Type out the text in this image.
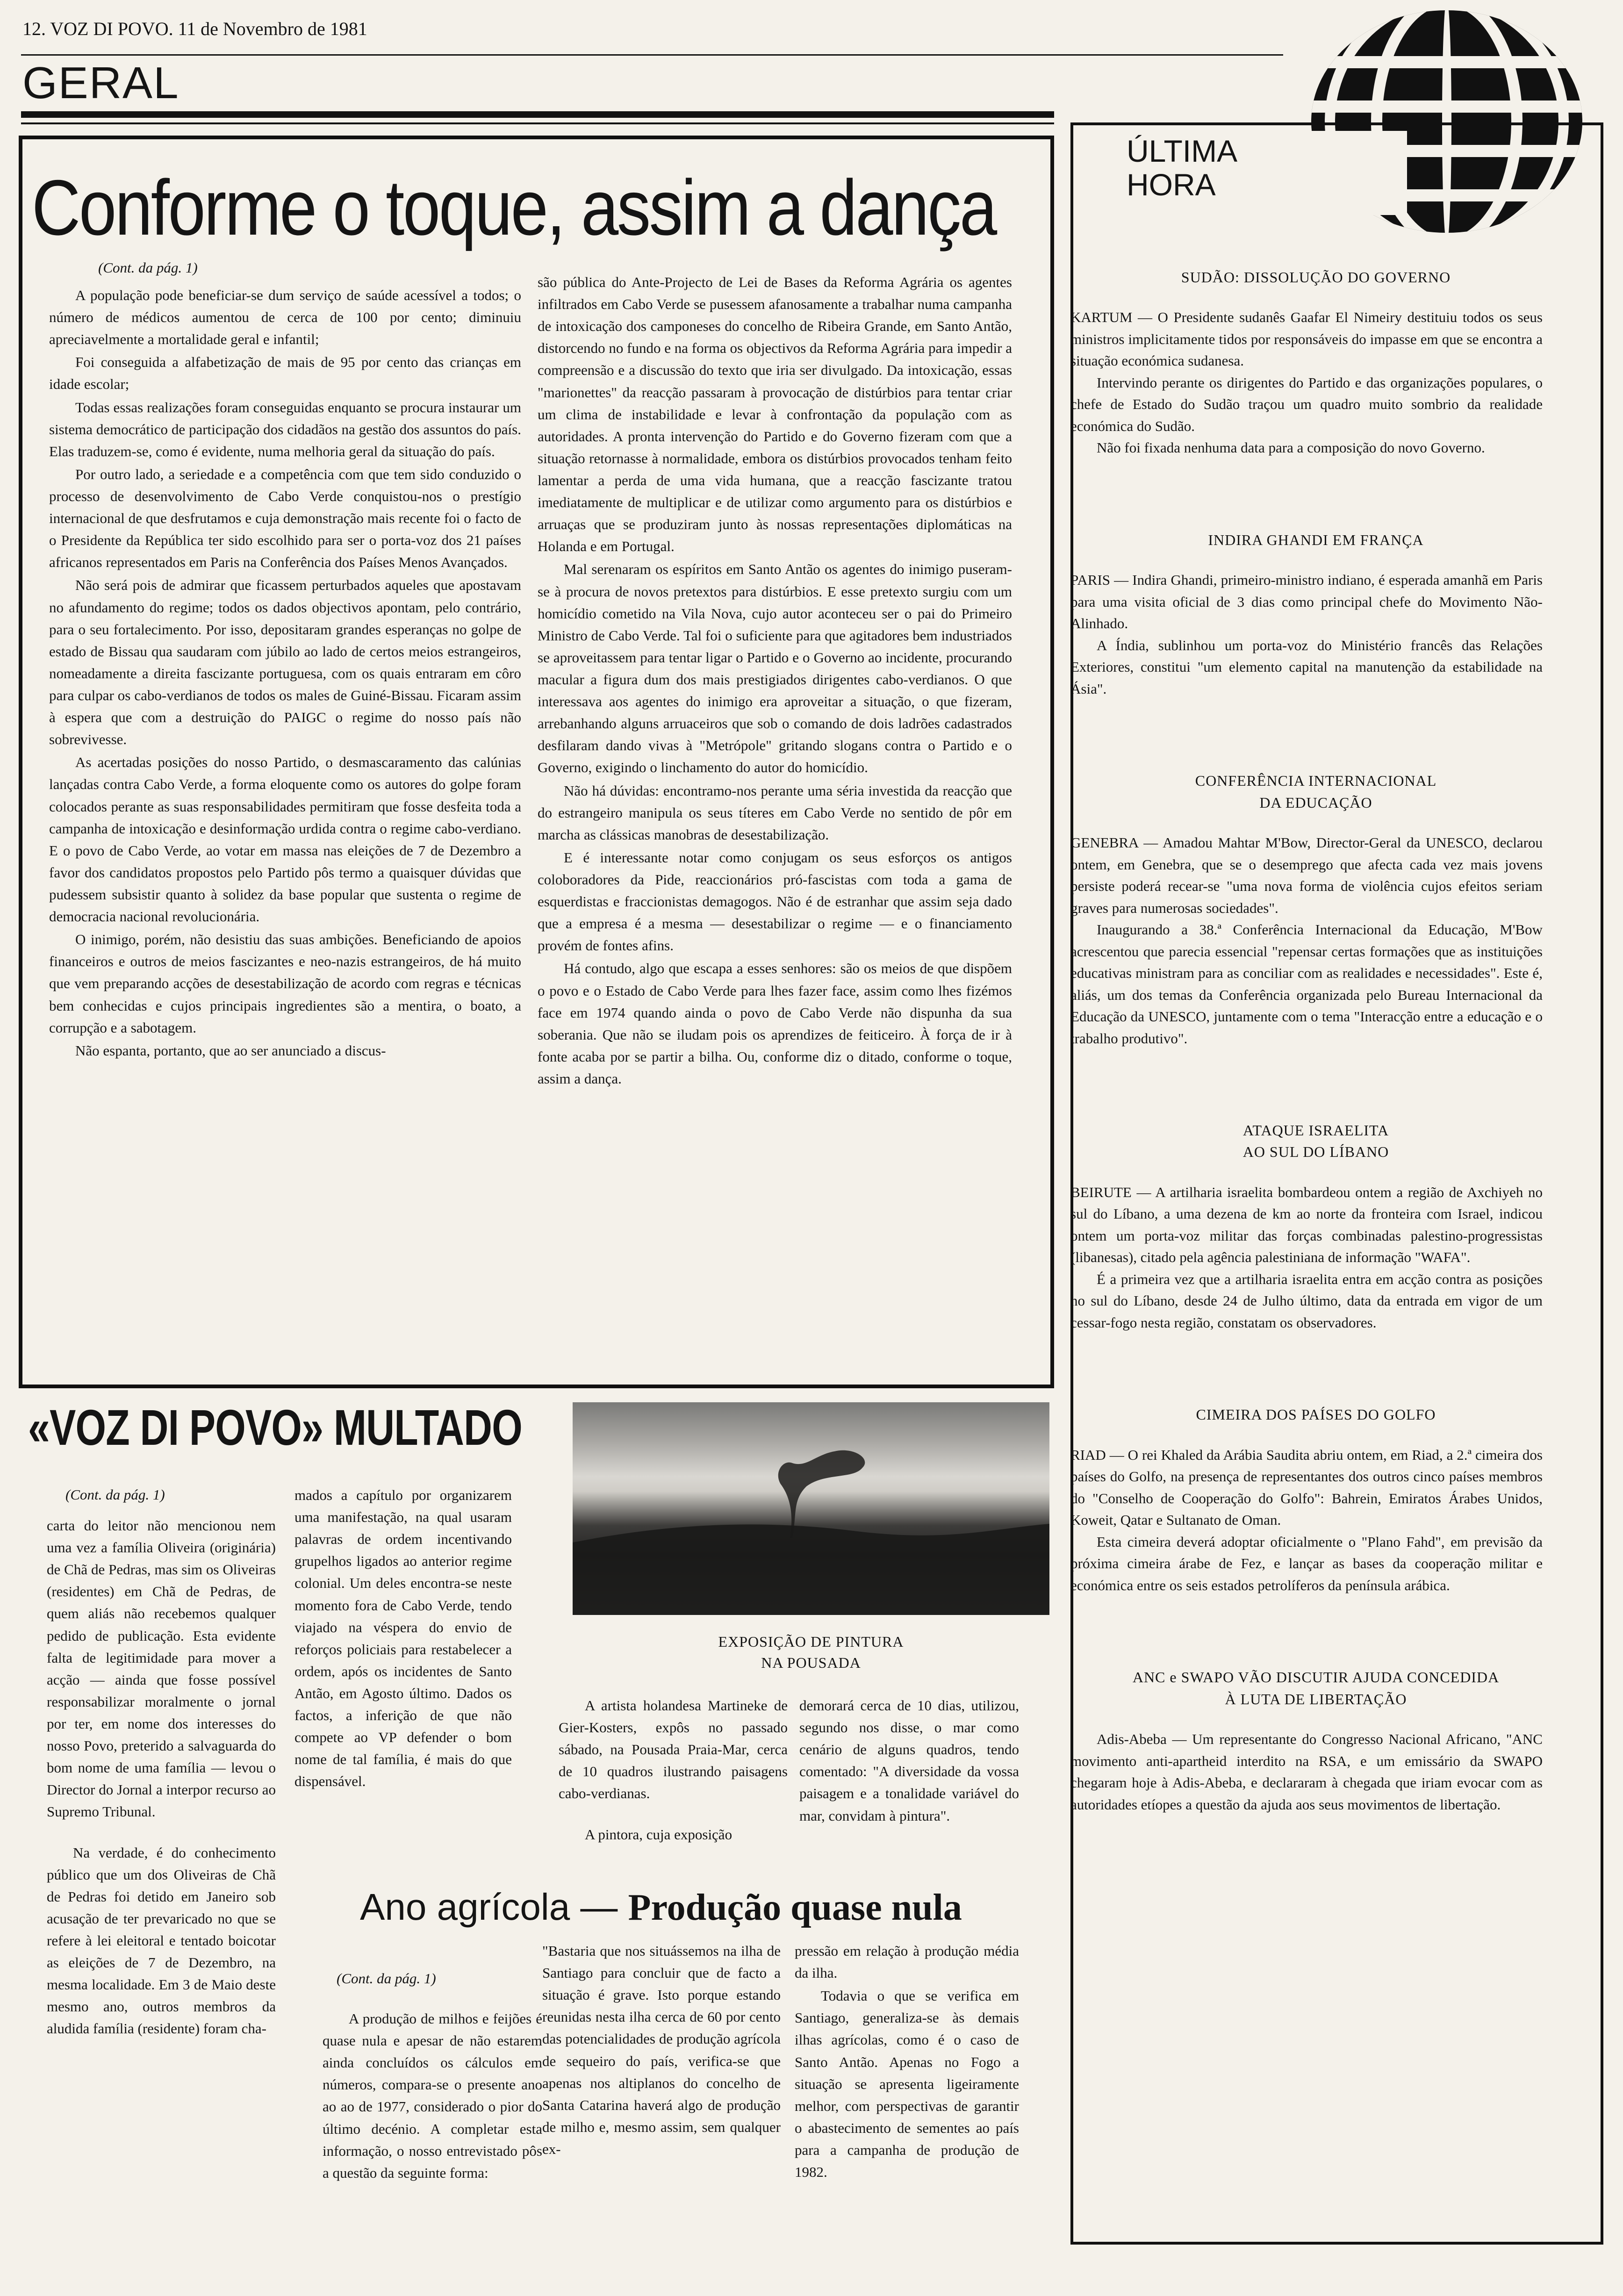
12. VOZ DI POVO. 11 de Novembro de 1981
GERAL
ÚLTIMA
HORA
SUDÃO: DISSOLUÇÃO DO GOVERNO

KARTUM — O Presidente sudanês Gaafar El Nimeiry destituiu todos os seus ministros implicitamente tidos por responsáveis do impasse em que se encontra a situação económica sudanesa.

Intervindo perante os dirigentes do Partido e das organizações populares, o chefe de Estado do Sudão traçou um quadro muito sombrio da realidade económica do Sudão.

Não foi fixada nenhuma data para a composição do novo Governo.

INDIRA GHANDI EM FRANÇA

PARIS — Indira Ghandi, primeiro-ministro indiano, é esperada amanhã em Paris para uma visita oficial de 3 dias como principal chefe do Movimento Não-Alinhado.

A Índia, sublinhou um porta-voz do Ministério francês das Relações Exteriores, constitui "um elemento capital na manutenção da estabilidade na Ásia".

CONFERÊNCIA INTERNACIONAL
DA EDUCAÇÃO

GENEBRA — Amadou Mahtar M'Bow, Director-Geral da UNESCO, declarou ontem, em Genebra, que se o desemprego que afecta cada vez mais jovens persiste poderá recear-se "uma nova forma de violência cujos efeitos seriam graves para numerosas sociedades".

Inaugurando a 38.ª Conferência Internacional da Educação, M'Bow acrescentou que parecia essencial "repensar certas formações que as instituições educativas ministram para as conciliar com as realidades e necessidades". Este é, aliás, um dos temas da Conferência organizada pelo Bureau Internacional da Educação da UNESCO, juntamente com o tema "Interacção entre a educação e o trabalho produtivo".

ATAQUE ISRAELITA
AO SUL DO LÍBANO

BEIRUTE — A artilharia israelita bombardeou ontem a região de Axchiyeh no sul do Líbano, a uma dezena de km ao norte da fronteira com Israel, indicou ontem um porta-voz militar das forças combinadas palestino-progressistas (libanesas), citado pela agência palestiniana de informação "WAFA".

É a primeira vez que a artilharia israelita entra em acção contra as posições no sul do Líbano, desde 24 de Julho último, data da entrada em vigor de um cessar-fogo nesta região, constatam os observadores.

CIMEIRA DOS PAÍSES DO GOLFO

RIAD — O rei Khaled da Arábia Saudita abriu ontem, em Riad, a 2.ª cimeira dos países do Golfo, na presença de representantes dos outros cinco países membros do "Conselho de Cooperação do Golfo": Bahrein, Emiratos Árabes Unidos, Koweit, Qatar e Sultanato de Oman.

Esta cimeira deverá adoptar oficialmente o "Plano Fahd", em previsão da próxima cimeira árabe de Fez, e lançar as bases da cooperação militar e económica entre os seis estados petrolíferos da península arábica.

ANC e SWAPO VÃO DISCUTIR AJUDA CONCEDIDA
À LUTA DE LIBERTAÇÃO

Adis-Abeba — Um representante do Congresso Nacional Africano, "ANC movimento anti-apartheid interdito na RSA, e um emissário da SWAPO chegaram hoje à Adis-Abeba, e declararam à chegada que iriam evocar com as autoridades etíopes a questão da ajuda aos seus movimentos de libertação.

Conforme o toque, assim a dança
(Cont. da pág. 1)

A população pode beneficiar-se dum serviço de saúde acessível a todos; o número de médicos aumentou de cerca de 100 por cento; diminuiu apreciavelmente a mortalidade geral e infantil;

Foi conseguida a alfabetização de mais de 95 por cento das crianças em idade escolar;

Todas essas realizações foram conseguidas enquanto se procura instaurar um sistema democrático de participação dos cidadãos na gestão dos assuntos do país. Elas traduzem-se, como é evidente, numa melhoria geral da situação do país.

Por outro lado, a seriedade e a competência com que tem sido conduzido o processo de desenvolvimento de Cabo Verde conquistou-nos o prestígio internacional de que desfrutamos e cuja demonstração mais recente foi o facto de o Presidente da República ter sido escolhido para ser o porta-voz dos 21 países africanos representados em Paris na Conferência dos Países Menos Avançados.

Não será pois de admirar que ficassem perturbados aqueles que apostavam no afundamento do regime; todos os dados objectivos apontam, pelo contrário, para o seu fortalecimento. Por isso, depositaram grandes esperanças no golpe de estado de Bissau qua saudaram com júbilo ao lado de certos meios estrangeiros, nomeadamente a direita fascizante portuguesa, com os quais entraram em côro para culpar os cabo-verdianos de todos os males de Guiné-Bissau. Ficaram assim à espera que com a destruição do PAIGC o regime do nosso país não sobrevivesse.

As acertadas posições do nosso Partido, o desmascaramento das calúnias lançadas contra Cabo Verde, a forma eloquente como os autores do golpe foram colocados perante as suas responsabilidades permitiram que fosse desfeita toda a campanha de intoxicação e desinformação urdida contra o regime cabo-verdiano. E o povo de Cabo Verde, ao votar em massa nas eleições de 7 de Dezembro a favor dos candidatos propostos pelo Partido pôs termo a quaisquer dúvidas que pudessem subsistir quanto à solidez da base popular que sustenta o regime de democracia nacional revolucionária.

O inimigo, porém, não desistiu das suas ambições. Beneficiando de apoios financeiros e outros de meios fascizantes e neo-nazis estrangeiros, de há muito que vem preparando acções de desestabilização de acordo com regras e técnicas bem conhecidas e cujos principais ingredientes são a mentira, o boato, a corrupção e a sabotagem.

Não espanta, portanto, que ao ser anunciado a discus-

são pública do Ante-Projecto de Lei de Bases da Reforma Agrária os agentes infiltrados em Cabo Verde se pusessem afanosamente a trabalhar numa campanha de intoxicação dos camponeses do concelho de Ribeira Grande, em Santo Antão, distorcendo no fundo e na forma os objectivos da Reforma Agrária para impedir a compreensão e a discussão do texto que iria ser divulgado. Da intoxicação, essas "marionettes" da reacção passaram à provocação de distúrbios para tentar criar um clima de instabilidade e levar à confrontação da população com as autoridades. A pronta intervenção do Partido e do Governo fizeram com que a situação retornasse à normalidade, embora os distúrbios provocados tenham feito lamentar a perda de uma vida humana, que a reacção fascizante tratou imediatamente de multiplicar e de utilizar como argumento para os distúrbios e arruaças que se produziram junto às nossas representações diplomáticas na Holanda e em Portugal.

Mal serenaram os espíritos em Santo Antão os agentes do inimigo puseram-se à procura de novos pretextos para distúrbios. E esse pretexto surgiu com um homicídio cometido na Vila Nova, cujo autor aconteceu ser o pai do Primeiro Ministro de Cabo Verde. Tal foi o suficiente para que agitadores bem industriados se aproveitassem para tentar ligar o Partido e o Governo ao incidente, procurando macular a figura dum dos mais prestigiados dirigentes cabo-verdianos. O que interessava aos agentes do inimigo era aproveitar a situação, o que fizeram, arrebanhando alguns arruaceiros que sob o comando de dois ladrões cadastrados desfilaram dando vivas à "Metrópole" gritando slogans contra o Partido e o Governo, exigindo o linchamento do autor do homicídio.

Não há dúvidas: encontramo-nos perante uma séria investida da reacção que do estrangeiro manipula os seus títeres em Cabo Verde no sentido de pôr em marcha as clássicas manobras de desestabilização.

E é interessante notar como conjugam os seus esforços os antigos coloboradores da Pide, reaccionários pró-fascistas com toda a gama de esquerdistas e fraccionistas demagogos. Não é de estranhar que assim seja dado que a empresa é a mesma — desestabilizar o regime — e o financiamento provém de fontes afins.

Há contudo, algo que escapa a esses senhores: são os meios de que dispõem o povo e o Estado de Cabo Verde para lhes fazer face, assim como lhes fizémos face em 1974 quando ainda o povo de Cabo Verde não dispunha da sua soberania. Que não se iludam pois os aprendizes de feiticeiro. À força de ir à fonte acaba por se partir a bilha. Ou, conforme diz o ditado, conforme o toque, assim a dança.

«VOZ DI POVO» MULTADO
(Cont. da pág. 1)

carta do leitor não mencionou nem uma vez a família Oliveira (originária) de Chã de Pedras, mas sim os Oliveiras (residentes) em Chã de Pedras, de quem aliás não recebemos qualquer pedido de publicação. Esta evidente falta de legitimidade para mover a acção — ainda que fosse possível responsabilizar moralmente o jornal por ter, em nome dos interesses do nosso Povo, preterido a salvaguarda do bom nome de uma família — levou o Director do Jornal a interpor recurso ao Supremo Tribunal.

Na verdade, é do conhecimento público que um dos Oliveiras de Chã de Pedras foi detido em Janeiro sob acusação de ter prevaricado no que se refere à lei eleitoral e tentado boicotar as eleições de 7 de Dezembro, na mesma localidade. Em 3 de Maio deste mesmo ano, outros membros da aludida família (residente) foram cha-

mados a capítulo por organizarem uma manifestação, na qual usaram palavras de ordem incentivando grupelhos ligados ao anterior regime colonial. Um deles encontra-se neste momento fora de Cabo Verde, tendo viajado na véspera do envio de reforços policiais para restabelecer a ordem, após os incidentes de Santo Antão, em Agosto último. Dados os factos, a inferição de que não compete ao VP defender o bom nome de tal família, é mais do que dispensável.

EXPOSIÇÃO DE PINTURA
NA POUSADA

A artista holandesa Martineke de Gier-Kosters, expôs no passado sábado, na Pousada Praia-Mar, cerca de 10 quadros ilustrando paisagens cabo-verdianas.

A pintora, cuja exposição

demorará cerca de 10 dias, utilizou, segundo nos disse, o mar como cenário de alguns quadros, tendo comentado: "A diversidade da vossa paisagem e a tonalidade variável do mar, convidam à pintura".

Ano agrícola — Produção quase nula
(Cont. da pág. 1)

A produção de milhos e feijões é quase nula e apesar de não estarem ainda concluídos os cálculos em números, compara-se o presente ano ao ao de 1977, considerado o pior do último decénio. A completar esta informação, o nosso entrevistado pôs a questão da seguinte forma:

"Bastaria que nos situássemos na ilha de Santiago para concluir que de facto a situação é grave. Isto porque estando reunidas nesta ilha cerca de 60 por cento das potencialidades de produção agrícola de sequeiro do país, verifica-se que apenas nos altiplanos do concelho de Santa Catarina haverá algo de produção de milho e, mesmo assim, sem qualquer ex-

pressão em relação à produção média da ilha.

Todavia o que se verifica em Santiago, generaliza-se às demais ilhas agrícolas, como é o caso de Santo Antão. Apenas no Fogo a situação se apresenta ligeiramente melhor, com perspectivas de garantir o abastecimento de sementes ao país para a campanha de produção de 1982.
